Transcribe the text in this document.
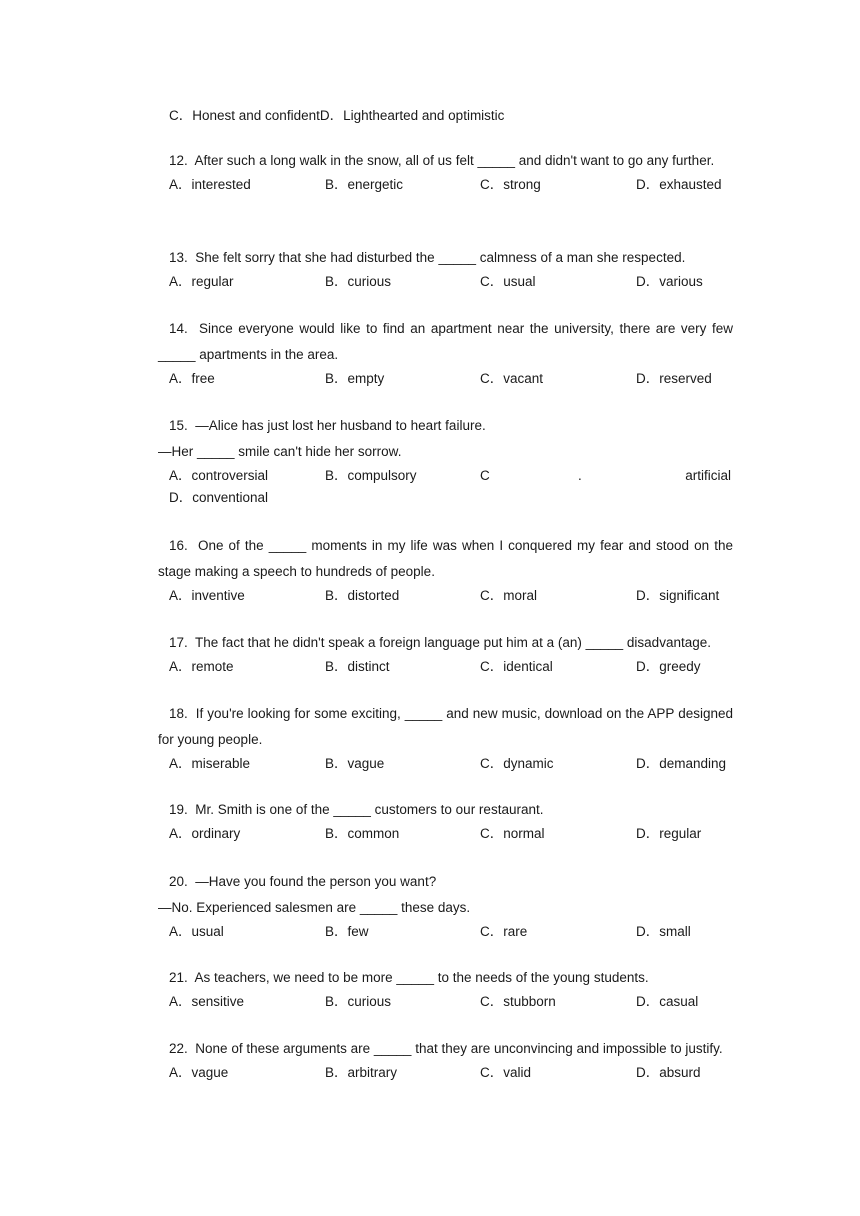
C．Honest and confidentD．Lighthearted and optimistic
12. After such a long walk in the snow, all of us felt _____ and didn't want to go any further.
A．interested	B．energetic	C．strong	D．exhausted
13. She felt sorry that she had disturbed the _____ calmness of a man she respected.
A．regular	B．curious	C．usual	D．various
14. Since everyone would like to find an apartment near the university, there are very few _____ apartments in the area.
A．free	B．empty	C．vacant	D．reserved
15. —Alice has just lost her husband to heart failure.
—Her _____ smile can't hide her sorrow.
A．controversial	B．compulsory	C	.	artificial
D．conventional
16. One of the _____ moments in my life was when I conquered my fear and stood on the stage making a speech to hundreds of people.
A．inventive	B．distorted	C．moral	D．significant
17. The fact that he didn't speak a foreign language put him at a (an) _____ disadvantage.
A．remote	B．distinct	C．identical	D．greedy
18. If you're looking for some exciting, _____ and new music, download on the APP designed for young people.
A．miserable	B．vague	C．dynamic	D．demanding
19. Mr. Smith is one of the _____ customers to our restaurant.
A．ordinary	B．common	C．normal	D．regular
20. —Have you found the person you want?
—No. Experienced salesmen are _____ these days.
A．usual	B．few	C．rare	D．small
21. As teachers, we need to be more _____ to the needs of the young students.
A．sensitive	B．curious	C．stubborn	D．casual
22. None of these arguments are _____ that they are unconvincing and impossible to justify.
A．vague	B．arbitrary	C．valid	D．absurd
